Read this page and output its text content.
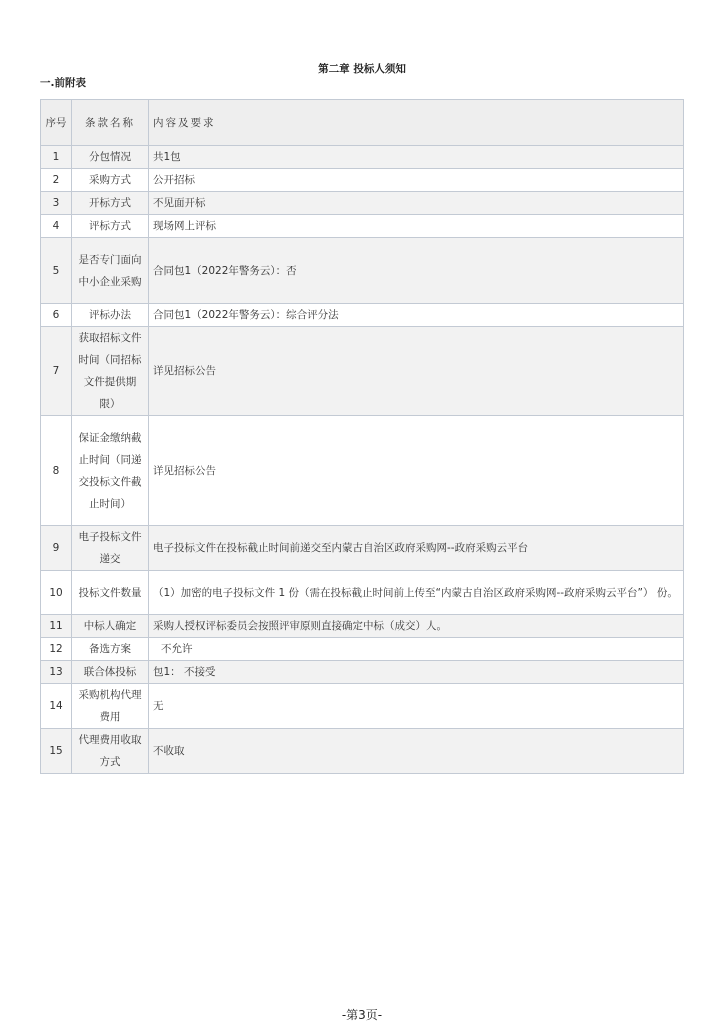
第二章 投标人须知
一.前附表
序号	条款名称	内容及要求
1	分包情况	共1包
2	采购方式	公开招标
3	开标方式	不见面开标
4	评标方式	现场网上评标
5	是否专门面向中小企业采购	合同包1（2022年警务云）：否
6	评标办法	合同包1（2022年警务云）：综合评分法
7	获取招标文件时间（同招标文件提供期限）	详见招标公告
8	保证金缴纳截止时间（同递交投标文件截止时间）	详见招标公告
9	电子投标文件递交	电子投标文件在投标截止时间前递交至内蒙古自治区政府采购网--政府采购云平台
10	投标文件数量	（1）加密的电子投标文件 1 份（需在投标截止时间前上传至“内蒙古自治区政府采购网--政府采购云平台”） 份。
11	中标人确定	采购人授权评标委员会按照评审原则直接确定中标（成交）人。
12	备选方案	不允许
13	联合体投标	包1： 不接受
14	采购机构代理费用	无
15	代理费用收取方式	不收取
-第3页-
